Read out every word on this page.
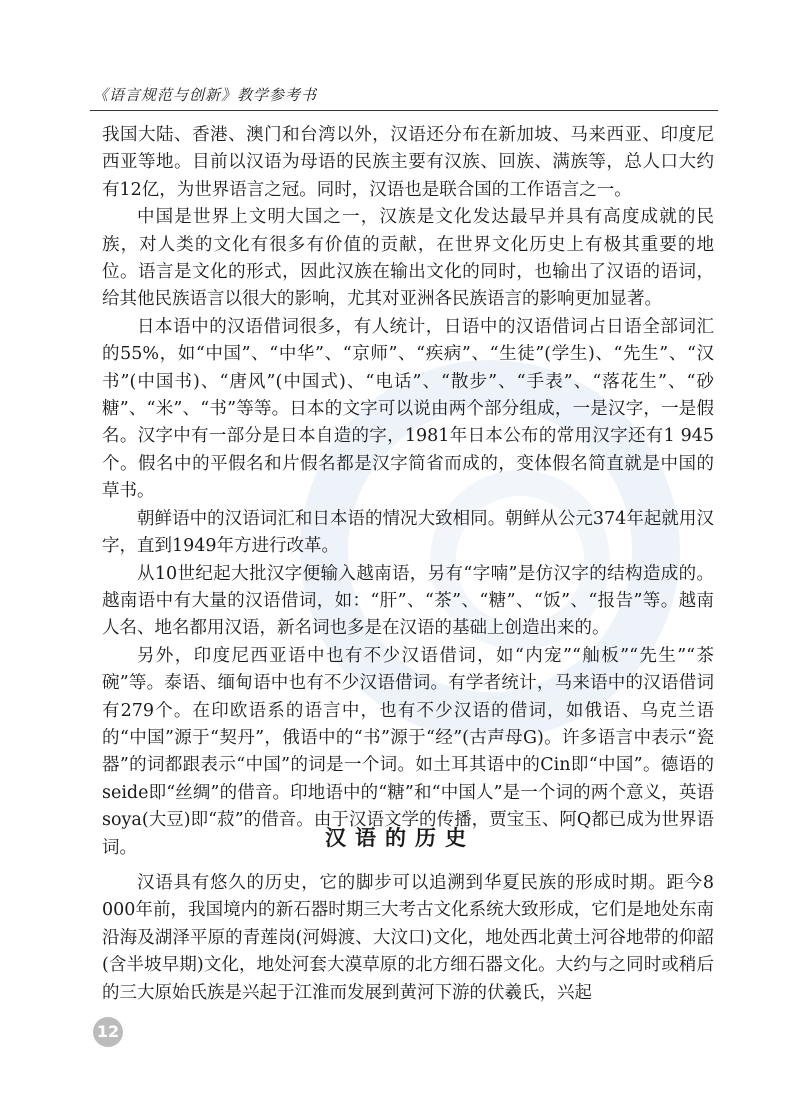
《语言规范与创新》教学参考书

我国大陆、香港、澳门和台湾以外，汉语还分布在新加坡、马来西亚、印度尼西亚等地。目前以汉语为母语的民族主要有汉族、回族、满族等，总人口大约有12亿，为世界语言之冠。同时，汉语也是联合国的工作语言之一。

中国是世界上文明大国之一，汉族是文化发达最早并具有高度成就的民族，对人类的文化有很多有价值的贡献，在世界文化历史上有极其重要的地位。语言是文化的形式，因此汉族在输出文化的同时，也输出了汉语的语词，给其他民族语言以很大的影响，尤其对亚洲各民族语言的影响更加显著。

日本语中的汉语借词很多，有人统计，日语中的汉语借词占日语全部词汇的55%，如“中国”、“中华”、“京师”、“疾病”、“生徒”(学生)、“先生”、“汉书”(中国书)、“唐风”(中国式)、“电话”、“散步”、“手表”、“落花生”、“砂糖”、“米”、“书”等等。日本的文字可以说由两个部分组成，一是汉字，一是假名。汉字中有一部分是日本自造的字，1981年日本公布的常用汉字还有1 945个。假名中的平假名和片假名都是汉字简省而成的，变体假名简直就是中国的草书。

朝鲜语中的汉语词汇和日本语的情况大致相同。朝鲜从公元374年起就用汉字，直到1949年方进行改革。

从10世纪起大批汉字便输入越南语，另有“字喃”是仿汉字的结构造成的。越南语中有大量的汉语借词，如：“肝”、“茶”、“糖”、“饭”、“报告”等。越南人名、地名都用汉语，新名词也多是在汉语的基础上创造出来的。

另外，印度尼西亚语中也有不少汉语借词，如“内宠”“舢板”“先生”“茶碗”等。泰语、缅甸语中也有不少汉语借词。有学者统计，马来语中的汉语借词有279个。在印欧语系的语言中，也有不少汉语的借词，如俄语、乌克兰语的“中国”源于“契丹”，俄语中的“书”源于“经”(古声母G)。许多语言中表示“瓷器”的词都跟表示“中国”的词是一个词。如土耳其语中的Cin即“中国”。德语的seide即“丝绸”的借音。印地语中的“糖”和“中国人”是一个词的两个意义，英语soya(大豆)即“菽”的借音。由于汉语文学的传播，贾宝玉、阿Q都已成为世界语词。	汉语的历史

汉语具有悠久的历史，它的脚步可以追溯到华夏民族的形成时期。距今8 000年前，我国境内的新石器时期三大考古文化系统大致形成，它们是地处东南沿海及湖泽平原的青莲岗(河姆渡、大汶口)文化，地处西北黄土河谷地带的仰韶(含半坡早期)文化，地处河套大漠草原的北方细石器文化。大约与之同时或稍后的三大原始氏族是兴起于江淮而发展到黄河下游的伏羲氏，兴起

12
